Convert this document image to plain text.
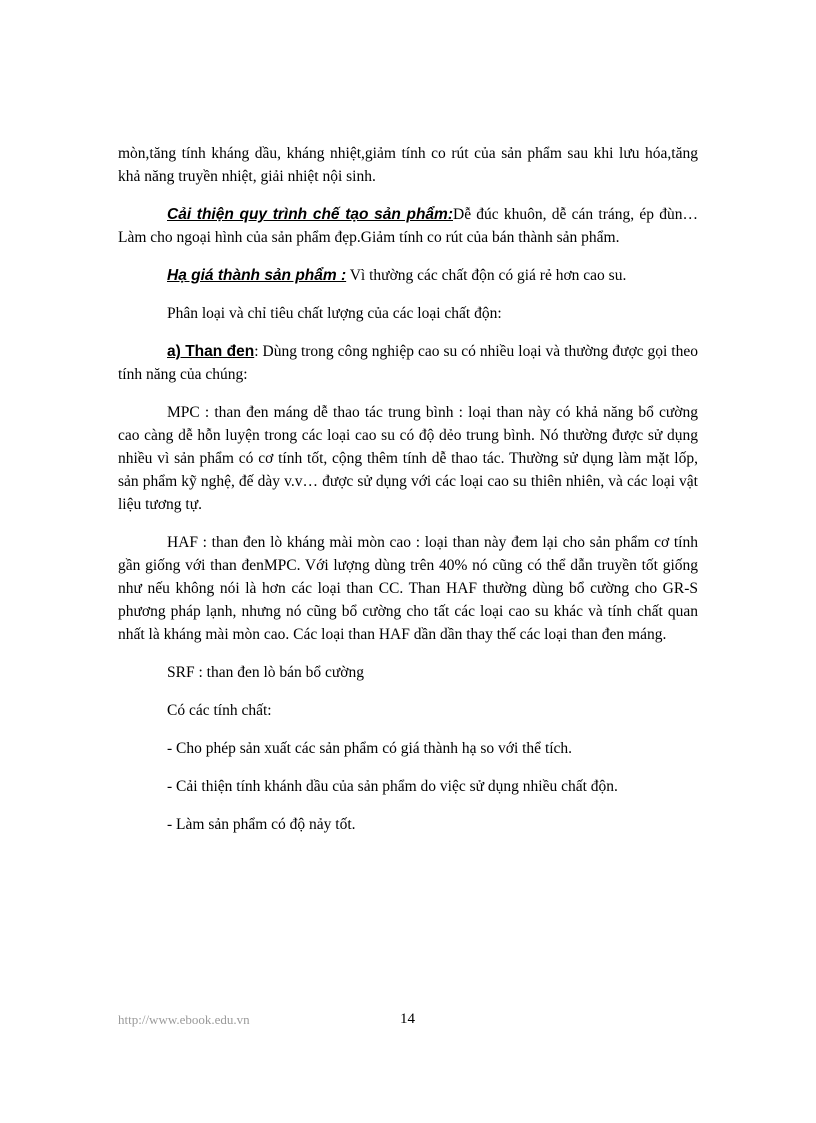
mòn,tăng tính kháng dầu, kháng nhiệt,giảm tính co rút của sản phẩm sau khi lưu hóa,tăng khả năng truyền nhiệt, giải nhiệt nội sinh.

Cải thiện quy trình chế tạo sản phẩm:Dễ đúc khuôn, dễ cán tráng, ép đùn…Làm cho ngoại hình của sản phẩm đẹp.Giảm tính co rút của bán thành sản phẩm.

Hạ giá thành sản phẩm : Vì thường các chất độn có giá rẻ hơn cao su.

Phân loại và chỉ tiêu chất lượng của các loại chất độn:

a) Than đen: Dùng trong công nghiệp cao su có nhiều loại và thường được gọi theo tính năng của chúng:

MPC : than đen máng dễ thao tác trung bình : loại than này có khả năng bổ cường cao càng dễ hỗn luyện trong các loại cao su có độ dẻo trung bình. Nó thường được sử dụng nhiều vì sản phẩm có cơ tính tốt, cộng thêm tính dễ thao tác. Thường sử dụng làm mặt lốp, sản phẩm kỹ nghệ, đế dày v.v… được sử dụng với các loại cao su thiên nhiên, và các loại vật liệu tương tự.

HAF : than đen lò kháng mài mòn cao : loại than này đem lại cho sản phẩm cơ tính gần giống với than đenMPC. Với lượng dùng trên 40% nó cũng có thể dẫn truyền tốt giống như nếu không nói là hơn các loại than CC. Than HAF thường dùng bổ cường cho GR-S phương pháp lạnh, nhưng nó cũng bổ cường cho tất các loại cao su khác và tính chất quan nhất là kháng mài mòn cao. Các loại than HAF dần dần thay thế các loại than đen máng.

SRF : than đen lò bán bổ cường

Có các tính chất:

- Cho phép sản xuất các sản phẩm có giá thành hạ so với thể tích.

- Cải thiện tính khánh dầu của sản phẩm do việc sử dụng nhiều chất độn.

- Làm sản phẩm có độ nảy tốt.

http://www.ebook.edu.vn	14
